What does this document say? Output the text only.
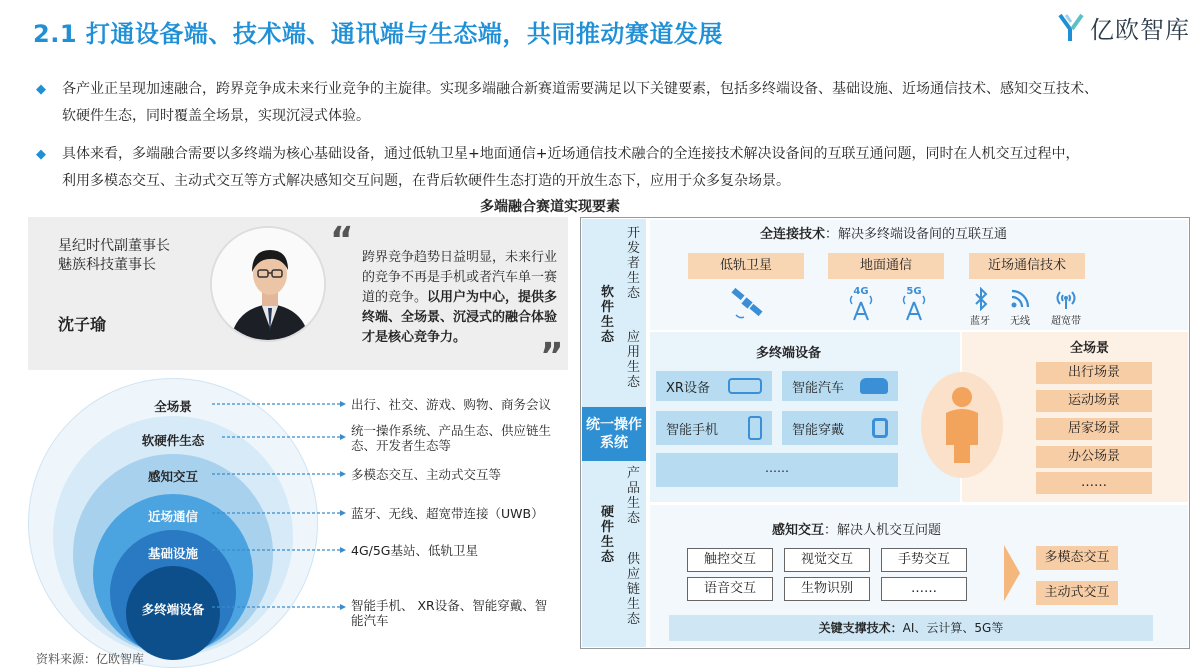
2.1 打通设备端、技术端、通讯端与生态端，共同推动赛道发展	亿欧智库
◆ 各产业正呈现加速融合，跨界竞争成未来行业竞争的主旋律。实现多端融合新赛道需要满足以下关键要素，包括多终端设备、基础设施、近场通信技术、感知交互技术、
软硬件生态，同时覆盖全场景，实现沉浸式体验。
◆ 具体来看，多端融合需要以多终端为核心基础设备，通过低轨卫星+地面通信+近场通信技术融合的全连接技术解决设备间的互联互通问题，同时在人机交互过程中，
利用多模态交互、主动式交互等方式解决感知交互问题，在背后软硬件生态打造的开放生态下，应用于众多复杂场景。
多端融合赛道实现要素
星纪时代副董事长
魅族科技董事长
沈子瑜
“
”
跨界竞争趋势日益明显，未来行业的竞争不再是手机或者汽车单一赛道的竞争。以用户为中心，提供多终端、全场景、沉浸式的融合体验才是核心竞争力。
全场景
软硬件生态
感知交互
近场通信
基础设施
多终端设备
出行、社交、游戏、购物、商务会议
统一操作系统、产品生态、供应链生态、开发者生态等
多模态交互、主动式交互等
蓝牙、无线、超宽带连接（UWB）
4G/5G基站、低轨卫星
智能手机、 XR设备、智能穿戴、智能汽车
统一操作系统
软件生态
开发者生态
应用生态
硬件生态
产品生态
供应链生态
全连接技术：解决多终端设备间的互联互通
低轨卫星	地面通信	近场通信技术
4G	5G
蓝牙	无线	超宽带
多终端设备
XR设备	智能汽车
智能手机	智能穿戴
……
全场景
出行场景
运动场景
居家场景
办公场景
……
感知交互：解决人机交互问题
触控交互	视觉交互	手势交互
语音交互	生物识别	……
多模态交互
主动式交互
关键支撑技术：AI、云计算、5G等
资料来源：亿欧智库
